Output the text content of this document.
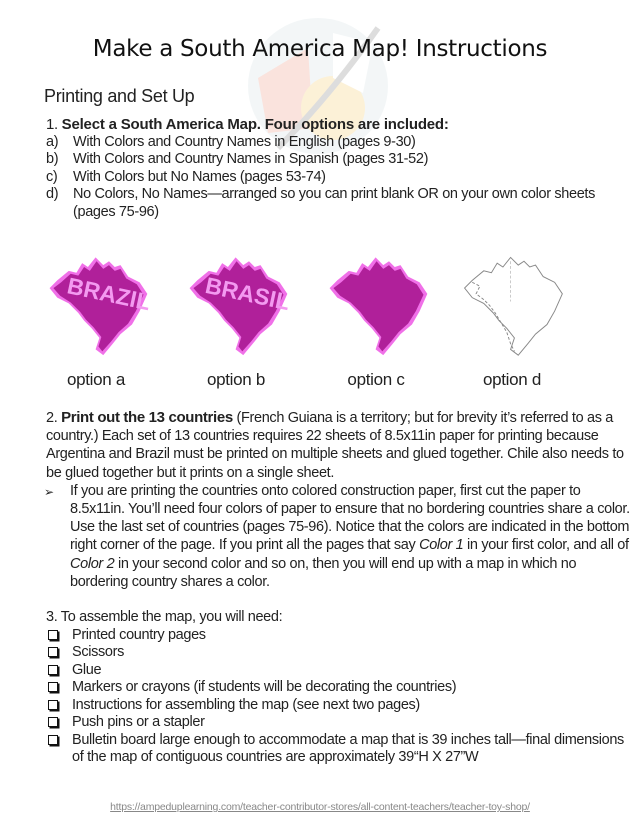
Make a South America Map! Instructions
Printing and Set Up
1. Select a South America Map. Four options are included:
a)	With Colors and Country Names in English (pages 9-30)
b)	With Colors and Country Names in Spanish (pages 31-52)
c)	With Colors but No Names (pages 53-74)
d)	No Colors, No Names—arranged so you can print blank OR on your own color sheets (pages 75-96)
BRAZIL
option a
BRASIL
option b	option c	option d
2. Print out the 13 countries (French Guiana is a territory; but for brevity it’s referred to as a country.) Each set of 13 countries requires 22 sheets of 8.5x11in paper for printing because Argentina and Brazil must be printed on multiple sheets and glued together. Chile also needs to be glued together but it prints on a single sheet.
➢	If you are printing the countries onto colored construction paper, first cut the paper to 8.5x11in. You’ll need four colors of paper to ensure that no bordering countries share a color. Use the last set of countries (pages 75-96). Notice that the colors are indicated in the bottom right corner of the page. If you print all the pages that say Color 1 in your first color, and all of Color 2 in your second color and so on, then you will end up with a map in which no bordering country shares a color.
3. To assemble the map, you will need:
Printed country pages
Scissors
Glue
Markers or crayons (if students will be decorating the countries)
Instructions for assembling the map (see next two pages)
Push pins or a stapler
Bulletin board large enough to accommodate a map that is 39 inches tall—final dimensions of the map of contiguous countries are approximately 39“H X 27”W
https://ampeduplearning.com/teacher-contributor-stores/all-content-teachers/teacher-toy-shop/
